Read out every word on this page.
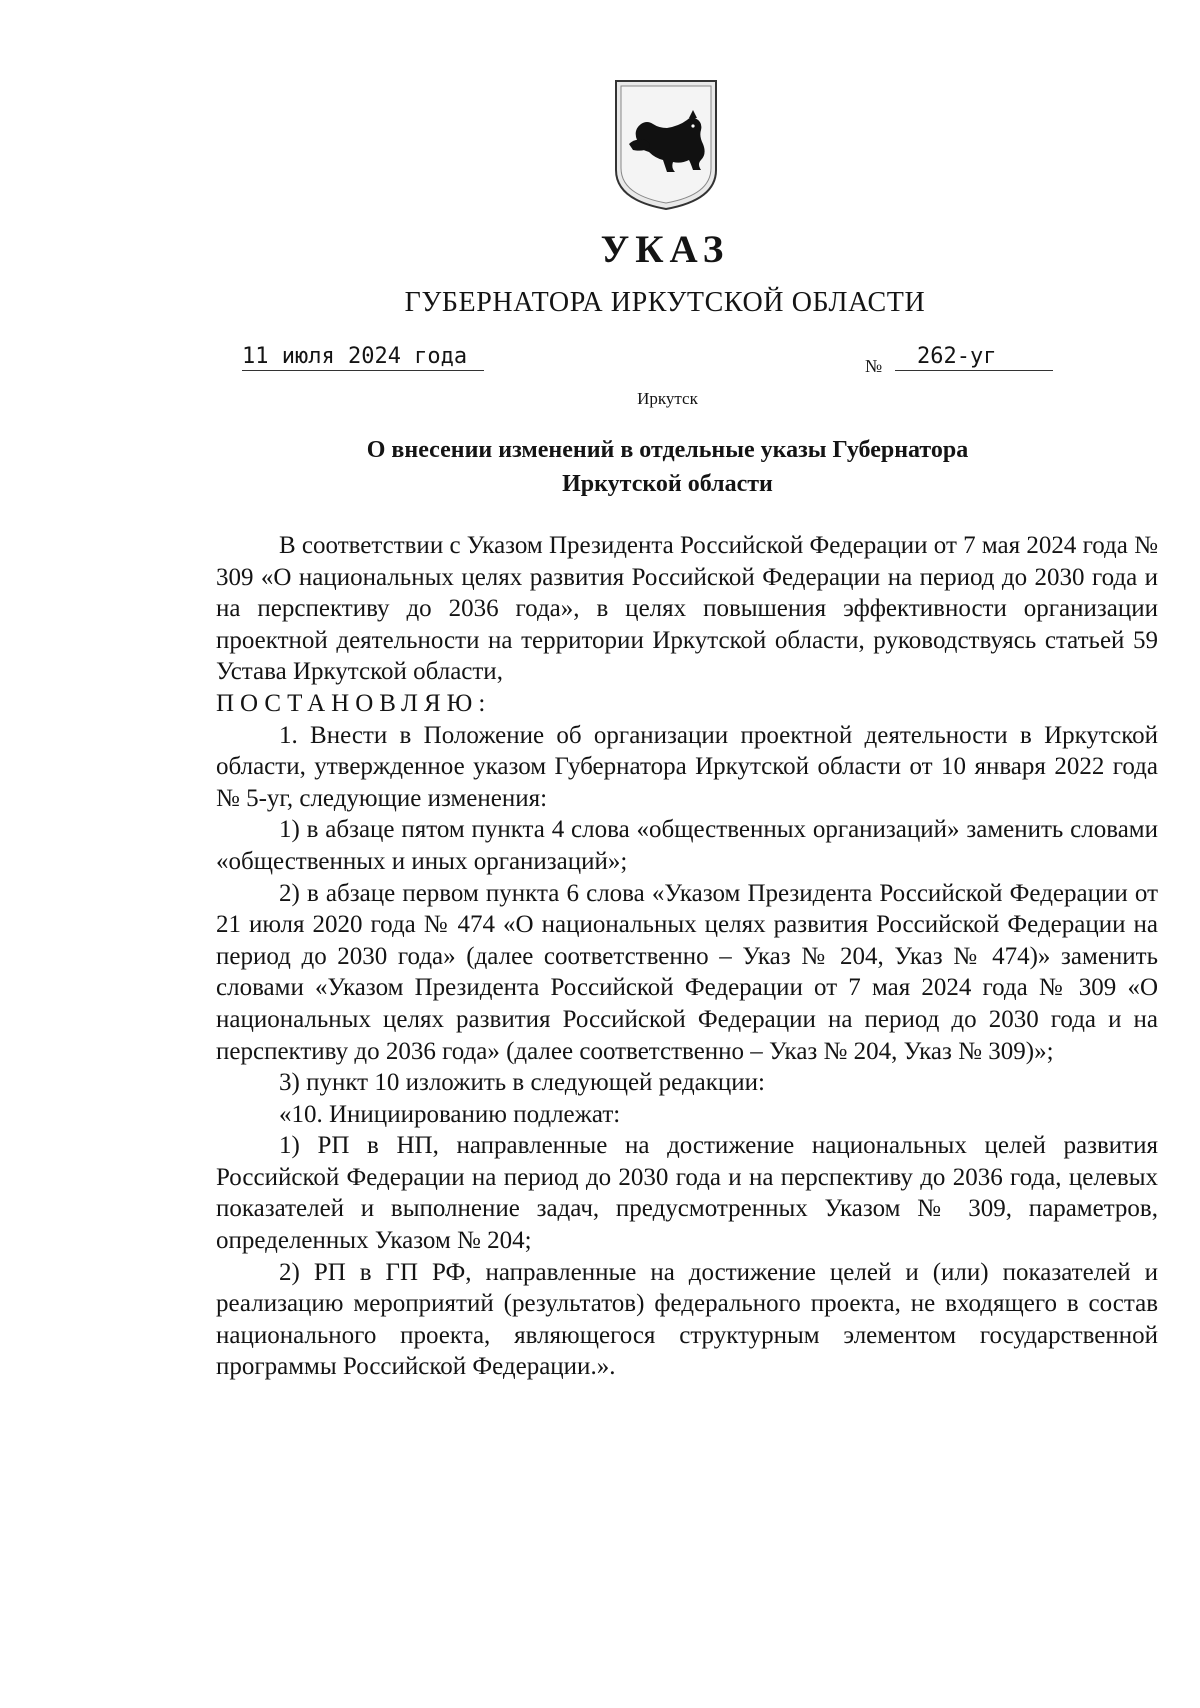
УКАЗ
ГУБЕРНАТОРА ИРКУТСКОЙ ОБЛАСТИ
11 июля 2024 года	№	262-уг
Иркутск
О внесении изменений в отдельные указы Губернатора
Иркутской области

В соответствии с Указом Президента Российской Федерации от 7 мая 2024 года № 309 «О национальных целях развития Российской Федерации на период до 2030 года и на перспективу до 2036 года», в целях повышения эффективности организации проектной деятельности на территории Иркутской области, руководствуясь статьей 59 Устава Иркутской области,

ПОСТАНОВЛЯЮ:

1. Внести в Положение об организации проектной деятельности в Иркутской области, утвержденное указом Губернатора Иркутской области от 10 января 2022 года № 5-уг, следующие изменения:

1) в абзаце пятом пункта 4 слова «общественных организаций» заменить словами «общественных и иных организаций»;

2) в абзаце первом пункта 6 слова «Указом Президента Российской Федерации от 21 июля 2020 года № 474 «О национальных целях развития Российской Федерации на период до 2030 года» (далее соответственно – Указ № 204, Указ № 474)» заменить словами «Указом Президента Российской Федерации от 7 мая 2024 года № 309 «О национальных целях развития Российской Федерации на период до 2030 года и на перспективу до 2036 года» (далее соответственно – Указ № 204, Указ № 309)»;

3) пункт 10 изложить в следующей редакции:

«10. Инициированию подлежат:

1) РП в НП, направленные на достижение национальных целей развития Российской Федерации на период до 2030 года и на перспективу до 2036 года, целевых показателей и выполнение задач, предусмотренных Указом № 309, параметров, определенных Указом № 204;

2) РП в ГП РФ, направленные на достижение целей и (или) показателей и реализацию мероприятий (результатов) федерального проекта, не входящего в состав национального проекта, являющегося структурным элементом государственной программы Российской Федерации.».
